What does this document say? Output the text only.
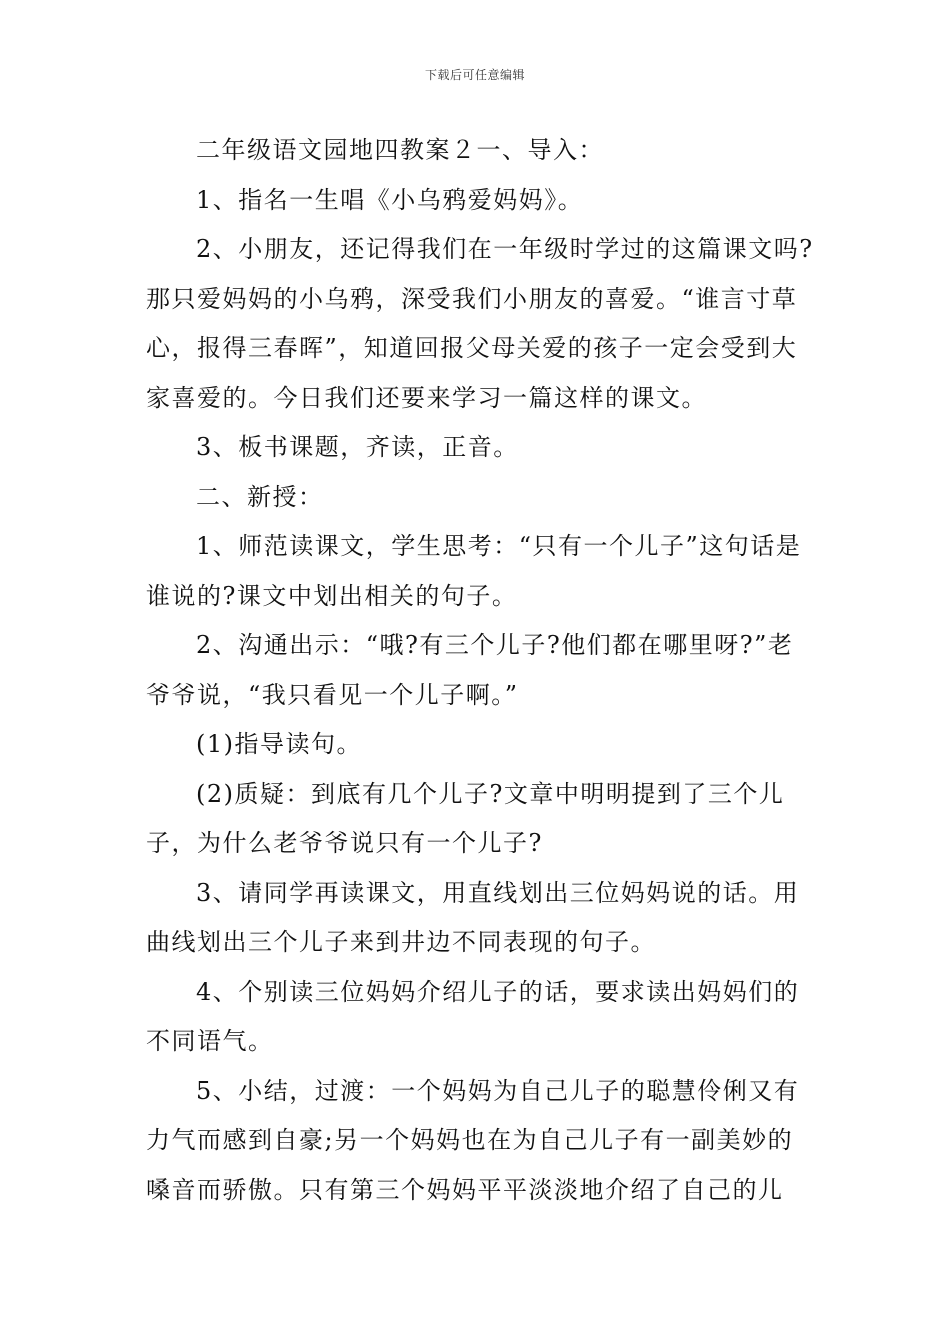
下载后可任意编辑

二年级语文园地四教案２一、导入：

1、指名一生唱《小乌鸦爱妈妈》。

2、小朋友，还记得我们在一年级时学过的这篇课文吗?那只爱妈妈的小乌鸦，深受我们小朋友的喜爱。“谁言寸草心，报得三春晖”，知道回报父母关爱的孩子一定会受到大家喜爱的。今日我们还要来学习一篇这样的课文。

3、板书课题，齐读，正音。

二、新授：

1、师范读课文，学生思考：“只有一个儿子”这句话是谁说的?课文中划出相关的句子。

2、沟通出示：“哦?有三个儿子?他们都在哪里呀?”老爷爷说，“我只看见一个儿子啊。”

(1)指导读句。

(2)质疑：到底有几个儿子?文章中明明提到了三个儿子，为什么老爷爷说只有一个儿子?

3、请同学再读课文，用直线划出三位妈妈说的话。用曲线划出三个儿子来到井边不同表现的句子。

4、个别读三位妈妈介绍儿子的话，要求读出妈妈们的不同语气。

5、小结，过渡：一个妈妈为自己儿子的聪慧伶俐又有力气而感到自豪;另一个妈妈也在为自己儿子有一副美妙的嗓音而骄傲。只有第三个妈妈平平淡淡地介绍了自己的儿
